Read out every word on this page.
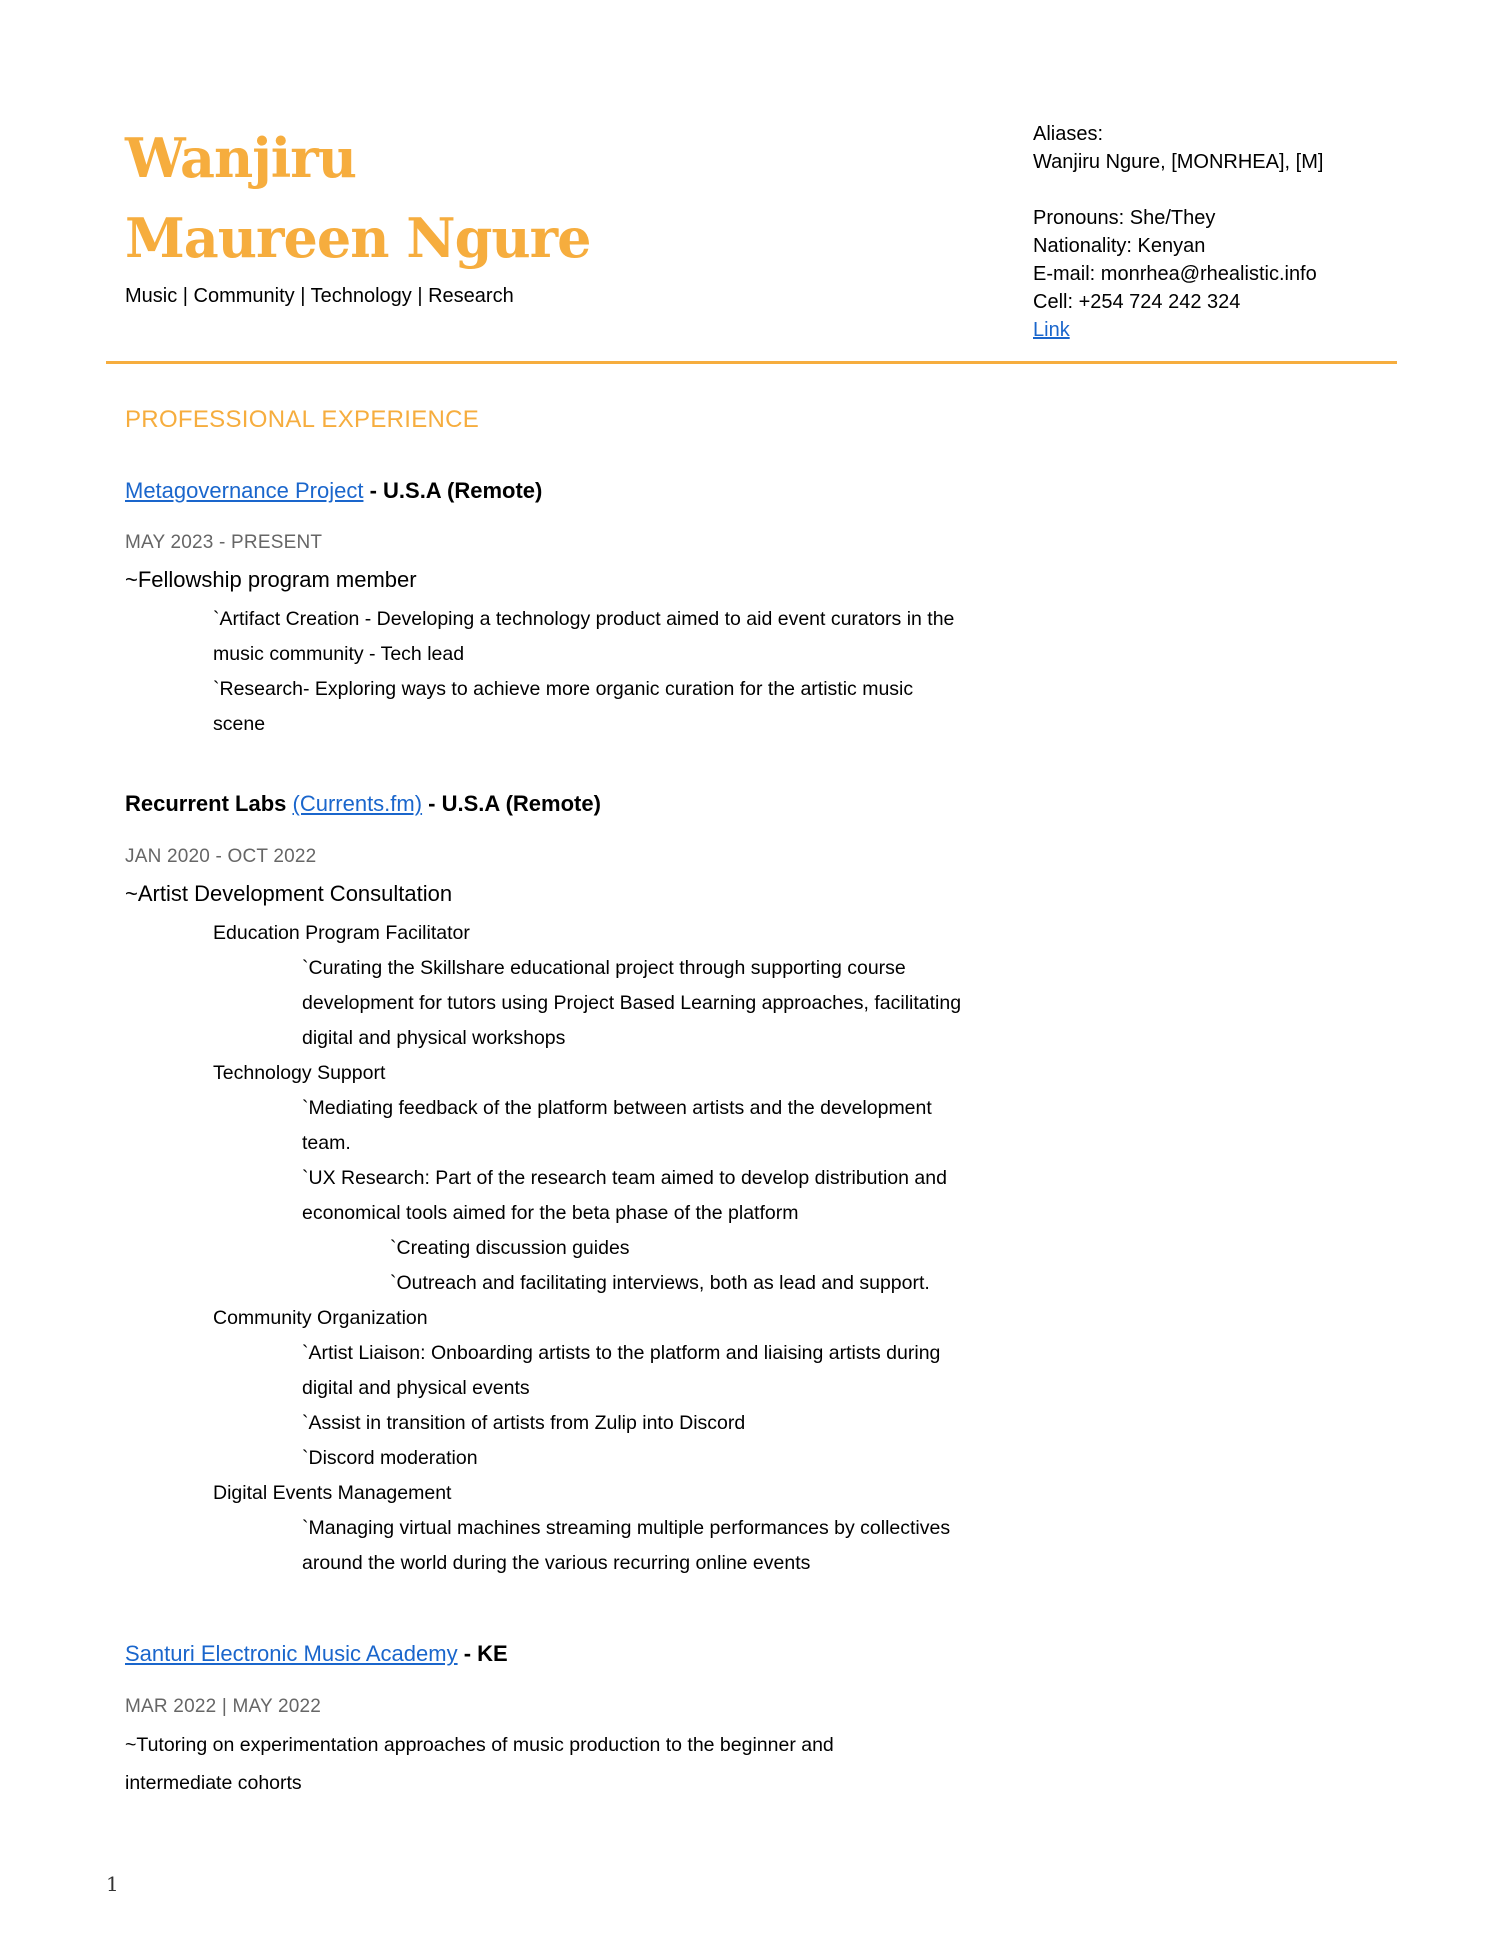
Wanjiru
Maureen Ngure
Music | Community | Technology | Research
Aliases:
Wanjiru Ngure, [MONRHEA], [M]
Pronouns: She/They
Nationality: Kenyan
E-mail: monrhea@rhealistic.info
Cell: +254 724 242 324
Link
PROFESSIONAL EXPERIENCE
Metagovernance Project - U.S.A (Remote)
MAY 2023 - PRESENT
~Fellowship program member
`Artifact Creation - Developing a technology product aimed to aid event curators in the
music community - Tech lead
`Research- Exploring ways to achieve more organic curation for the artistic music
scene
Recurrent Labs (Currents.fm) - U.S.A (Remote)
JAN 2020 - OCT 2022
~Artist Development Consultation
Education Program Facilitator
`Curating the Skillshare educational project through supporting course
development for tutors using Project Based Learning approaches, facilitating
digital and physical workshops
Technology Support
`Mediating feedback of the platform between artists and the development
team.
`UX Research: Part of the research team aimed to develop distribution and
economical tools aimed for the beta phase of the platform
`Creating discussion guides
`Outreach and facilitating interviews, both as lead and support.
Community Organization
`Artist Liaison: Onboarding artists to the platform and liaising artists during
digital and physical events
`Assist in transition of artists from Zulip into Discord
`Discord moderation
Digital Events Management
`Managing virtual machines streaming multiple performances by collectives
around the world during the various recurring online events
Santuri Electronic Music Academy - KE
MAR 2022 | MAY 2022
~Tutoring on experimentation approaches of music production to the beginner and
intermediate cohorts
1
